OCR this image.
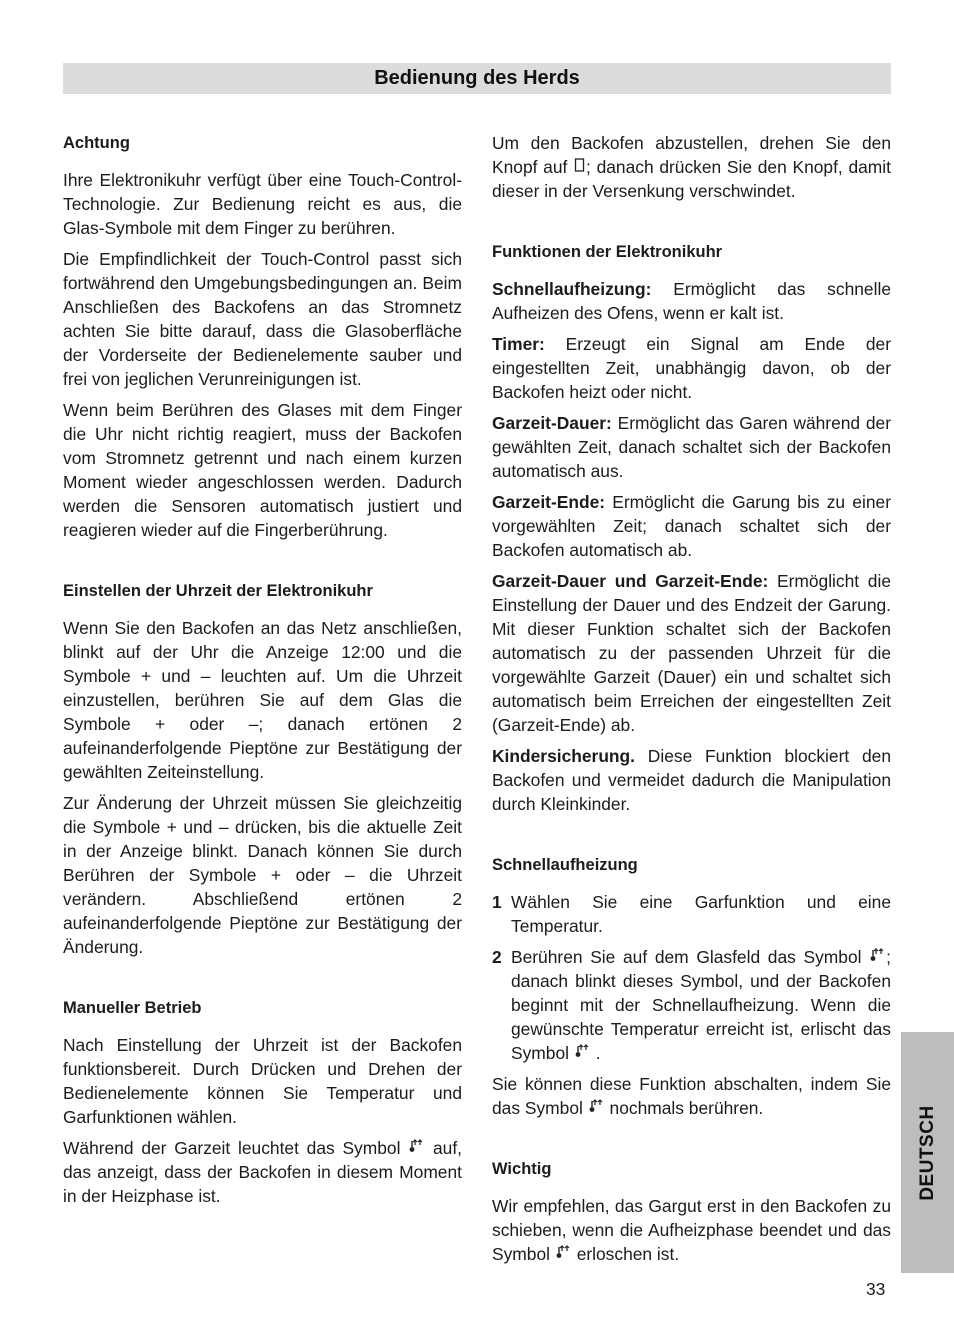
Bedienung des Herds
Achtung

Ihre Elektronikuhr verfügt über eine Touch-Control-Technologie. Zur Bedienung reicht es aus, die Glas-Symbole mit dem Finger zu berühren.

Die Empfindlichkeit der Touch-Control passt sich fortwährend den Umgebungsbedingungen an. Beim Anschließen des Backofens an das Stromnetz achten Sie bitte darauf, dass die Glasoberfläche der Vorderseite der Bedienelemente sauber und frei von jeglichen Verunreinigungen ist.

Wenn beim Berühren des Glases mit dem Finger die Uhr nicht richtig reagiert, muss der Backofen vom Stromnetz getrennt und nach einem kurzen Moment wieder angeschlossen werden. Dadurch werden die Sensoren automatisch justiert und reagieren wieder auf die Fingerberührung.

Einstellen der Uhrzeit der Elektronikuhr

Wenn Sie den Backofen an das Netz anschließen, blinkt auf der Uhr die Anzeige 12:00 und die Symbole + und – leuchten auf. Um die Uhrzeit einzustellen, berühren Sie auf dem Glas die Symbole + oder –; danach ertönen 2 aufeinanderfolgende Pieptöne zur Bestätigung der gewählten Zeiteinstellung.

Zur Änderung der Uhrzeit müssen Sie gleichzeitig die Symbole + und – drücken, bis die aktuelle Zeit in der Anzeige blinkt. Danach können Sie durch Berühren der Symbole + oder – die Uhrzeit verändern. Abschließend ertönen 2 aufeinanderfolgende Pieptöne zur Bestätigung der Änderung.

Manueller Betrieb

Nach Einstellung der Uhrzeit ist der Backofen funktionsbereit. Durch Drücken und Drehen der Bedienelemente können Sie Temperatur und Garfunktionen wählen.

Während der Garzeit leuchtet das Symbol auf, das anzeigt, dass der Backofen in diesem Moment in der Heizphase ist.

Um den Backofen abzustellen, drehen Sie den Knopf auf ; danach drücken Sie den Knopf, damit dieser in der Versenkung verschwindet.

Funktionen der Elektronikuhr

Schnellaufheizung: Ermöglicht das schnelle Aufheizen des Ofens, wenn er kalt ist.

Timer: Erzeugt ein Signal am Ende der eingestellten Zeit, unabhängig davon, ob der Backofen heizt oder nicht.

Garzeit-Dauer: Ermöglicht das Garen während der gewählten Zeit, danach schaltet sich der Backofen automatisch aus.

Garzeit-Ende: Ermöglicht die Garung bis zu einer vorgewählten Zeit; danach schaltet sich der Backofen automatisch ab.

Garzeit-Dauer und Garzeit-Ende: Ermöglicht die Einstellung der Dauer und des Endzeit der Garung. Mit dieser Funktion schaltet sich der Backofen automatisch zu der passenden Uhrzeit für die vorgewählte Garzeit (Dauer) ein und schaltet sich automatisch beim Erreichen der eingestellten Zeit (Garzeit-Ende) ab.

Kindersicherung. Diese Funktion blockiert den Backofen und vermeidet dadurch die Manipulation durch Kleinkinder.

Schnellaufheizung
1 Wählen Sie eine Garfunktion und eine Temperatur.
2 Berühren Sie auf dem Glasfeld das Symbol ; danach blinkt dieses Symbol, und der Backofen beginnt mit der Schnellaufheizung. Wenn die gewünschte Temperatur erreicht ist, erlischt das Symbol .

Sie können diese Funktion abschalten, indem Sie das Symbol nochmals berühren.

Wichtig

Wir empfehlen, das Gargut erst in den Backofen zu schieben, wenn die Aufheizphase beendet und das Symbol erloschen ist.

DEUTSCH
33
